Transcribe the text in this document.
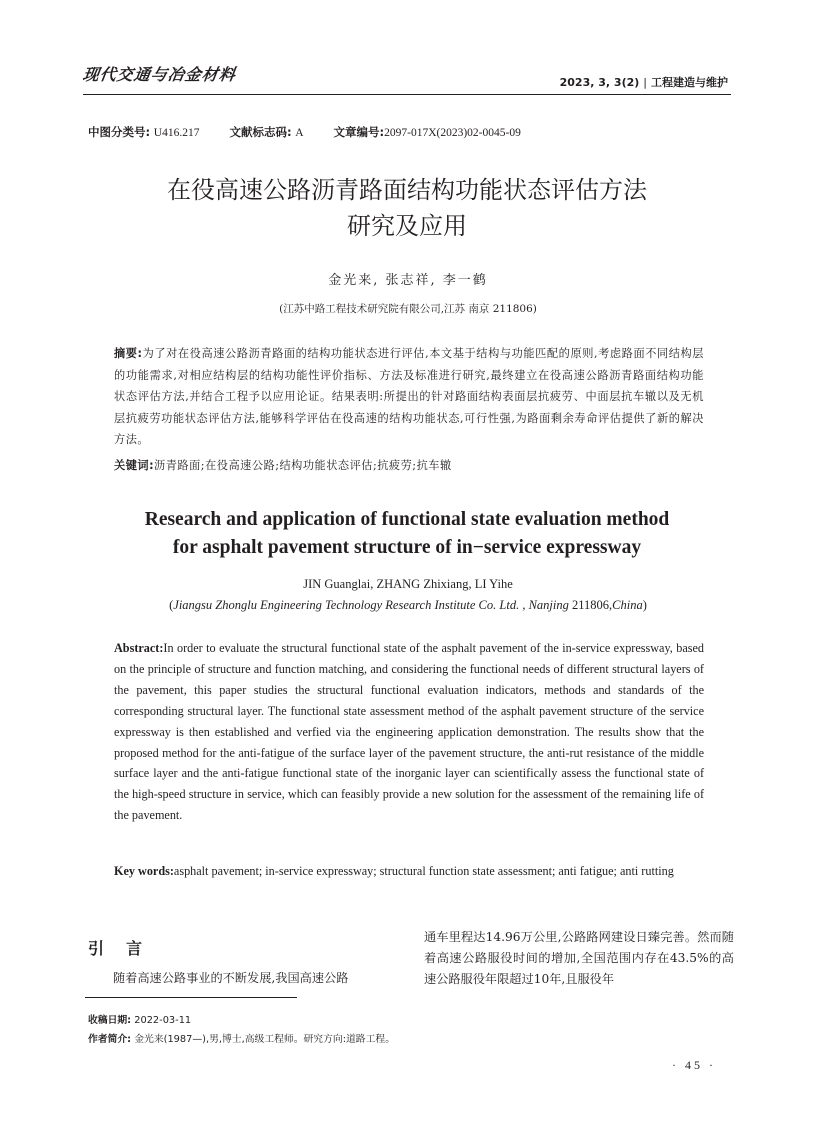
现代交通与冶金材料	2023, 3, 3(2) | 工程建造与维护
中图分类号: U416.217	文献标志码: A	文章编号:2097-017X(2023)02-0045-09
在役高速公路沥青路面结构功能状态评估方法
研究及应用
金光来, 张志祥, 李一鹤
(江苏中路工程技术研究院有限公司,江苏 南京 211806)
摘要:为了对在役高速公路沥青路面的结构功能状态进行评估,本文基于结构与功能匹配的原则,考虑路面不同结构层的功能需求,对相应结构层的结构功能性评价指标、方法及标准进行研究,最终建立在役高速公路沥青路面结构功能状态评估方法,并结合工程予以应用论证。结果表明:所提出的针对路面结构表面层抗疲劳、中面层抗车辙以及无机层抗疲劳功能状态评估方法,能够科学评估在役高速的结构功能状态,可行性强,为路面剩余寿命评估提供了新的解决方法。
关键词:沥青路面;在役高速公路;结构功能状态评估;抗疲劳;抗车辙
Research and application of functional state evaluation method
for asphalt pavement structure of in−service expressway
JIN Guanglai, ZHANG Zhixiang, LI Yihe
(Jiangsu Zhonglu Engineering Technology Research Institute Co. Ltd. , Nanjing 211806,China)
Abstract:In order to evaluate the structural functional state of the asphalt pavement of the in-service expressway, based on the principle of structure and function matching, and considering the functional needs of different structural layers of the pavement, this paper studies the structural functional evaluation indicators, methods and standards of the corresponding structural layer. The functional state assessment method of the asphalt pavement structure of the service expressway is then established and verfied via the engineering application demonstration. The results show that the proposed method for the anti-fatigue of the surface layer of the pavement structure, the anti-rut resistance of the middle surface layer and the anti-fatigue functional state of the inorganic layer can scientifically assess the functional state of the high-speed structure in service, which can feasibly provide a new solution for the assessment of the remaining life of the pavement.
Key words: asphalt pavement; in-service expressway; structural function state assessment; anti fatigue; anti rutting
引言
随着高速公路事业的不断发展,我国高速公路
通车里程达14.96万公里,公路路网建设日臻完善。然而随着高速公路服役时间的增加,全国范围内存在43.5%的高速公路服役年限超过10年,且服役年
收稿日期: 2022-03-11
作者简介: 金光来(1987—),男,博士,高级工程师。研究方向:道路工程。
· 45 ·
